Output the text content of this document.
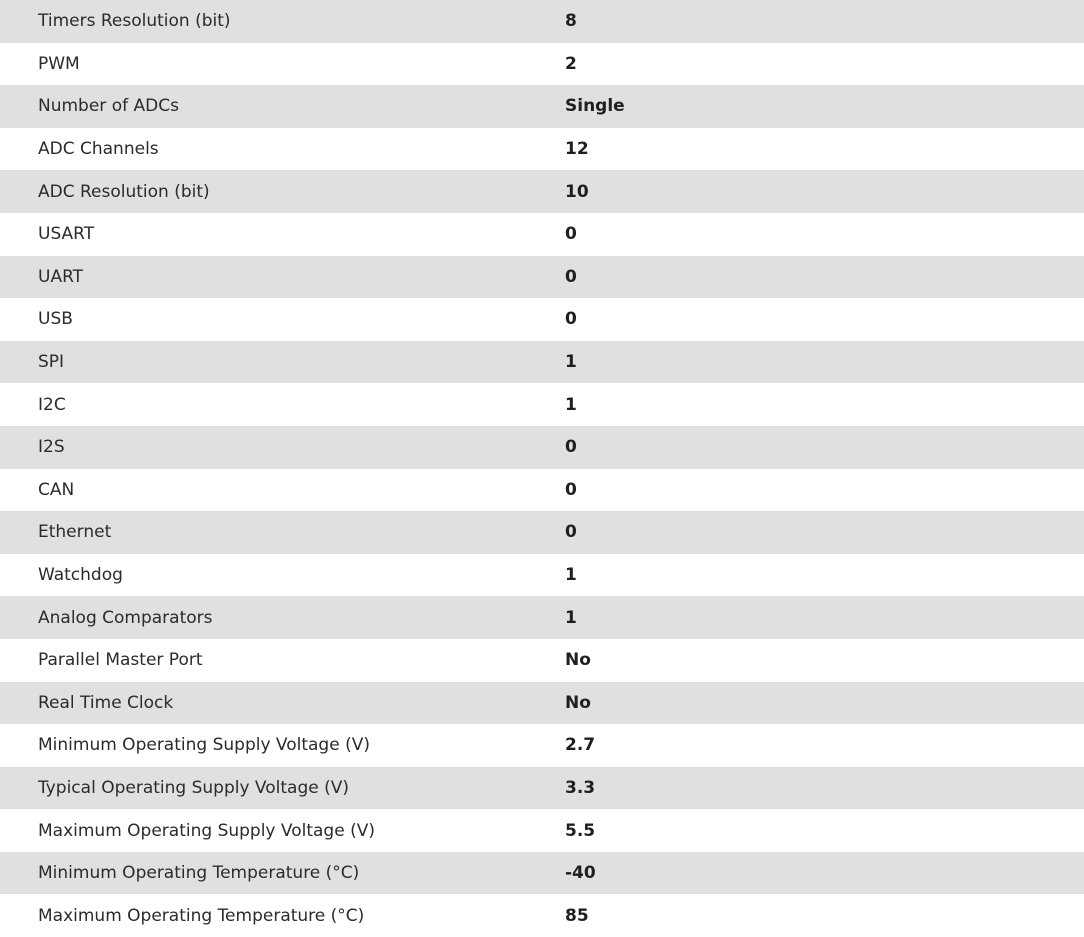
Timers Resolution (bit)	8
PWM	2
Number of ADCs	Single
ADC Channels	12
ADC Resolution (bit)	10
USART	0
UART	0
USB	0
SPI	1
I2C	1
I2S	0
CAN	0
Ethernet	0
Watchdog	1
Analog Comparators	1
Parallel Master Port	No
Real Time Clock	No
Minimum Operating Supply Voltage (V)	2.7
Typical Operating Supply Voltage (V)	3.3
Maximum Operating Supply Voltage (V)	5.5
Minimum Operating Temperature (°C)	-40
Maximum Operating Temperature (°C)	85
